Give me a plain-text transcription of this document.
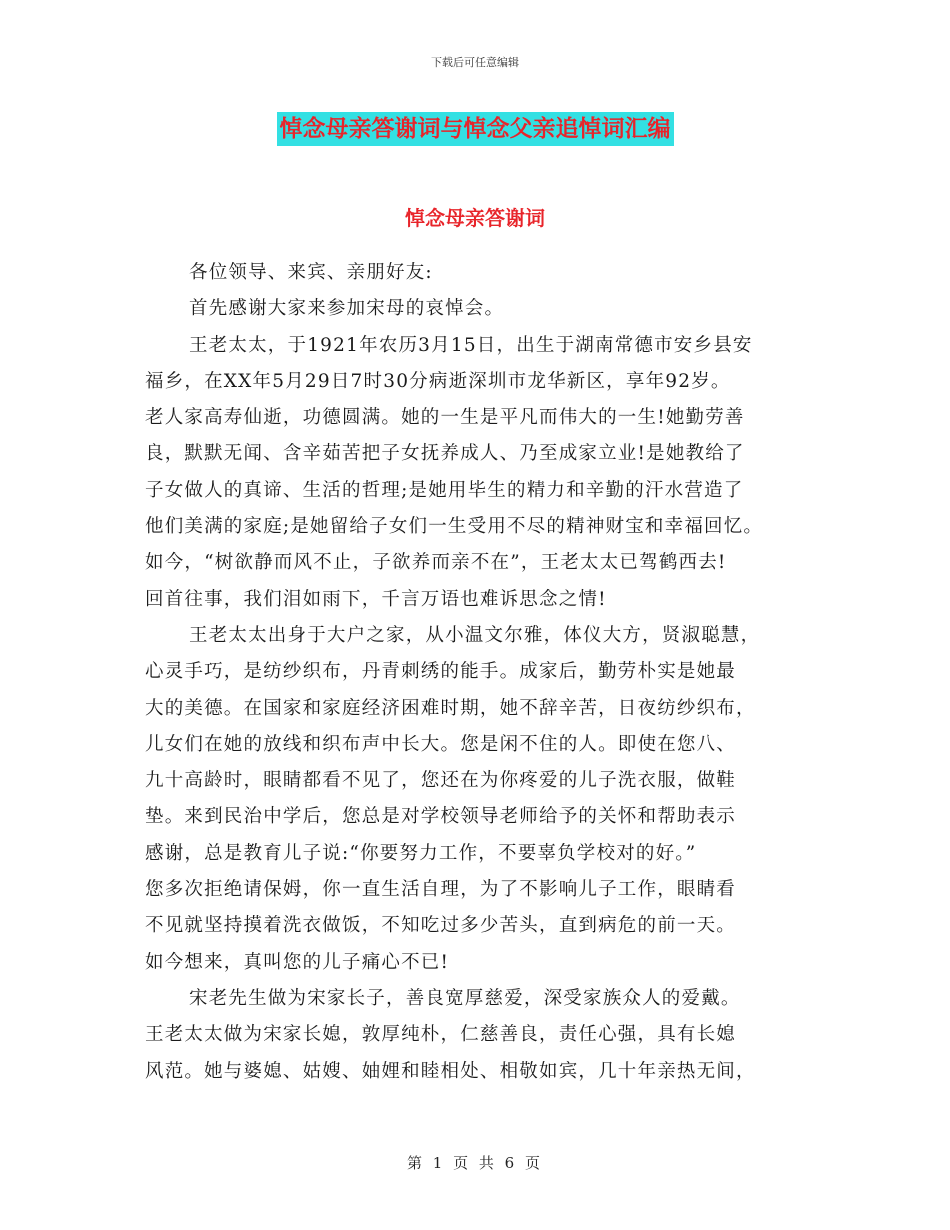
下载后可任意编辑
悼念母亲答谢词与悼念父亲追悼词汇编
悼念母亲答谢词
各位领导、来宾、亲朋好友:
首先感谢大家来参加宋母的哀悼会。
王老太太，于1921年农历3月15日，出生于湖南常德市安乡县安
福乡，在XX年5月29日7时30分病逝深圳市龙华新区，享年92岁。
老人家高寿仙逝，功德圆满。她的一生是平凡而伟大的一生!她勤劳善
良，默默无闻、含辛茹苦把子女抚养成人、乃至成家立业!是她教给了
子女做人的真谛、生活的哲理;是她用毕生的精力和辛勤的汗水营造了
他们美满的家庭;是她留给子女们一生受用不尽的精神财宝和幸福回忆。
如今，“树欲静而风不止，子欲养而亲不在”，王老太太已驾鹤西去!
回首往事，我们泪如雨下，千言万语也难诉思念之情!
王老太太出身于大户之家，从小温文尔雅，体仪大方，贤淑聪慧，
心灵手巧，是纺纱织布，丹青刺绣的能手。成家后，勤劳朴实是她最
大的美德。在国家和家庭经济困难时期，她不辞辛苦，日夜纺纱织布，
儿女们在她的放线和织布声中长大。您是闲不住的人。即使在您八、
九十高龄时，眼睛都看不见了，您还在为你疼爱的儿子洗衣服，做鞋
垫。来到民治中学后，您总是对学校领导老师给予的关怀和帮助表示
感谢，总是教育儿子说:“你要努力工作，不要辜负学校对的好。”
您多次拒绝请保姆，你一直生活自理，为了不影响儿子工作，眼睛看
不见就坚持摸着洗衣做饭，不知吃过多少苦头，直到病危的前一天。
如今想来，真叫您的儿子痛心不已!
宋老先生做为宋家长子，善良宽厚慈爱，深受家族众人的爱戴。
王老太太做为宋家长媳，敦厚纯朴，仁慈善良，责任心强，具有长媳
风范。她与婆媳、姑嫂、妯娌和睦相处、相敬如宾，几十年亲热无间，
第 1 页 共 6 页
